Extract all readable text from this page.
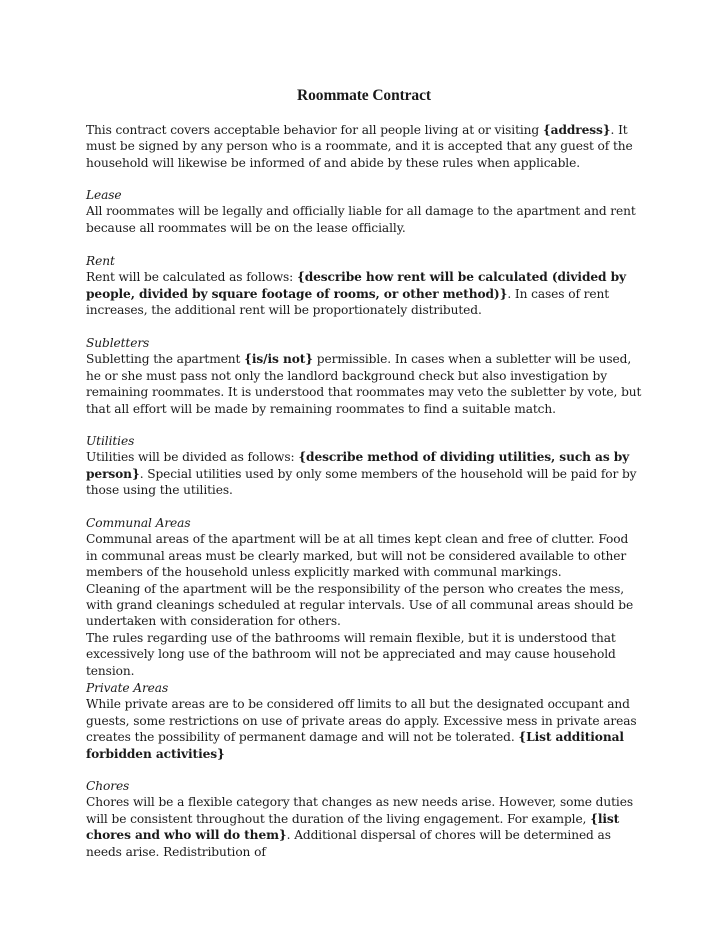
Roommate Contract

This contract covers acceptable behavior for all people living at or visiting {address}. It must be signed by any person who is a roommate, and it is accepted that any guest of the household will likewise be informed of and abide by these rules when applicable.

Lease
All roommates will be legally and officially liable for all damage to the apartment and rent because all roommates will be on the lease officially.
Rent
Rent will be calculated as follows: {describe how rent will be calculated (divided by people, divided by square footage of rooms, or other method)}. In cases of rent increases, the additional rent will be proportionately distributed.
Subletters
Subletting the apartment {is/is not} permissible. In cases when a subletter will be used, he or she must pass not only the landlord background check but also investigation by remaining roommates. It is understood that roommates may veto the subletter by vote, but that all effort will be made by remaining roommates to find a suitable match.
Utilities
Utilities will be divided as follows: {describe method of dividing utilities, such as by person}. Special utilities used by only some members of the household will be paid for by those using the utilities.
Communal Areas
Communal areas of the apartment will be at all times kept clean and free of clutter. Food in communal areas must be clearly marked, but will not be considered available to other members of the household unless explicitly marked with communal markings.
Cleaning of the apartment will be the responsibility of the person who creates the mess, with grand cleanings scheduled at regular intervals. Use of all communal areas should be undertaken with consideration for others.
The rules regarding use of the bathrooms will remain flexible, but it is understood that excessively long use of the bathroom will not be appreciated and may cause household tension.
Private Areas
While private areas are to be considered off limits to all but the designated occupant and guests, some restrictions on use of private areas do apply. Excessive mess in private areas creates the possibility of permanent damage and will not be tolerated. {List additional forbidden activities}
Chores
Chores will be a flexible category that changes as new needs arise. However, some duties will be consistent throughout the duration of the living engagement. For example, {list chores and who will do them}. Additional dispersal of chores will be determined as needs arise. Redistribution of
